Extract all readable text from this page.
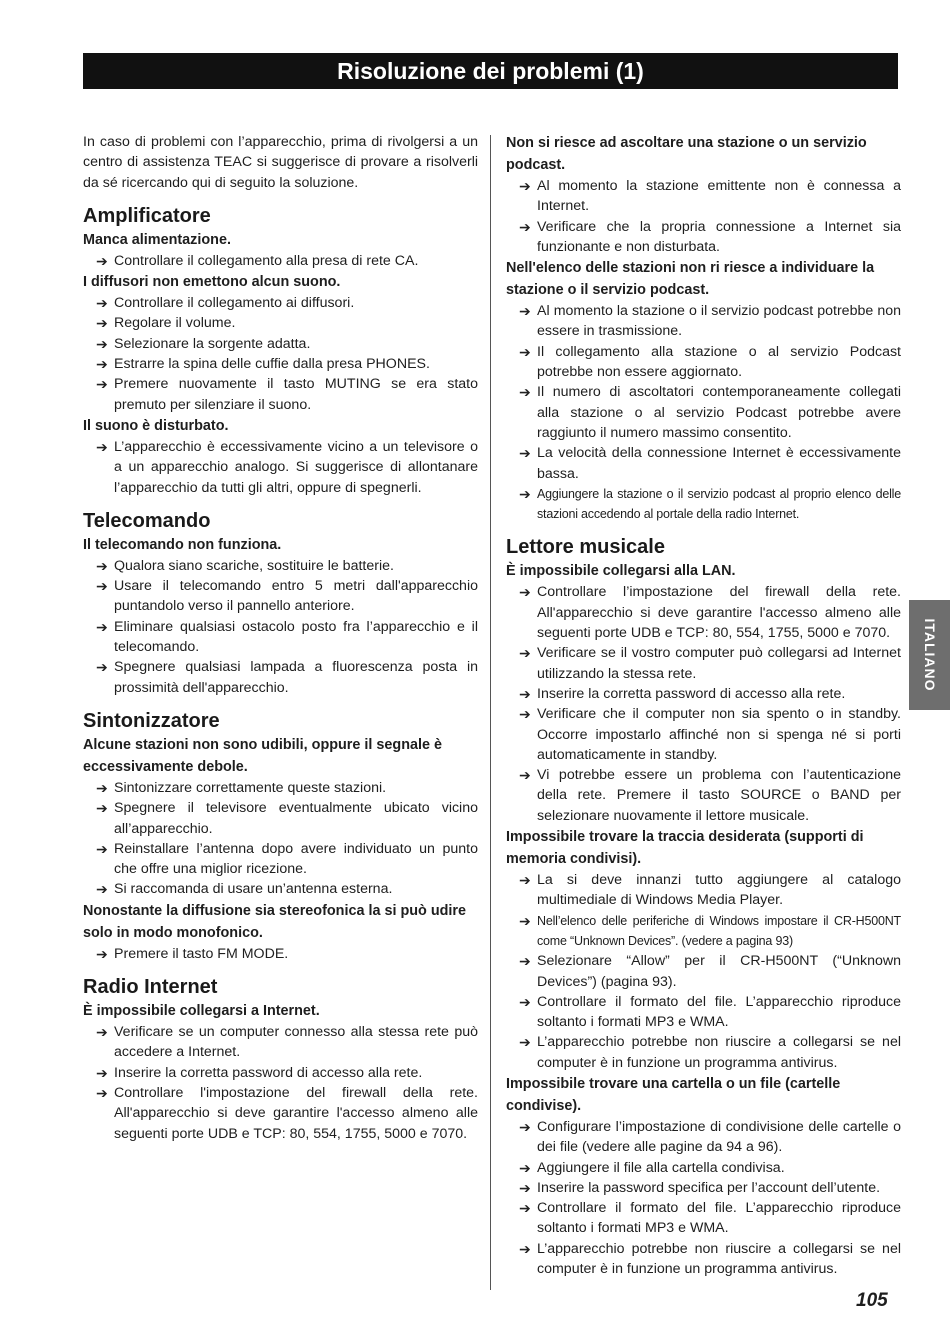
Risoluzione dei problemi (1)

In caso di problemi con l’apparecchio, prima di rivolgersi a un centro di assistenza TEAC si suggerisce di provare a risolverli da sé ricercando qui di seguito la soluzione.

Amplificatore

Manca alimentazione.

➔ Controllare il collegamento alla presa di rete CA.

I diffusori non emettono alcun suono.

➔ Controllare il collegamento ai diffusori.
➔ Regolare il volume.
➔ Selezionare la sorgente adatta.
➔ Estrarre la spina delle cuffie dalla presa PHONES.
➔ Premere nuovamente il tasto MUTING se era stato premuto per silenziare il suono.

Il suono è disturbato.

➔ L’apparecchio è eccessivamente vicino a un televisore o a un apparecchio analogo. Si suggerisce di allontanare l’apparecchio da tutti gli altri, oppure di spegnerli.
Telecomando

Il telecomando non funziona.

➔ Qualora siano scariche, sostituire le batterie.
➔ Usare il telecomando entro 5 metri dall'apparecchio puntandolo verso il pannello anteriore.
➔ Eliminare qualsiasi ostacolo posto fra l’apparecchio e il telecomando.
➔ Spegnere qualsiasi lampada a fluorescenza posta in prossimità dell'apparecchio.
Sintonizzatore

Alcune stazioni non sono udibili, oppure il segnale è eccessivamente debole.

➔ Sintonizzare correttamente queste stazioni.
➔ Spegnere il televisore eventualmente ubicato vicino all’apparecchio.
➔ Reinstallare l’antenna dopo avere individuato un punto che offre una miglior ricezione.
➔ Si raccomanda di usare un’antenna esterna.

Nonostante la diffusione sia stereofonica la si può udire solo in modo monofonico.

➔ Premere il tasto FM MODE.
Radio Internet

È impossibile collegarsi a Internet.

➔ Verificare se un computer connesso alla stessa rete può accedere a Internet.
➔ Inserire la corretta password di accesso alla rete.
➔ Controllare l'impostazione del firewall della rete. All'apparecchio si deve garantire l'accesso almeno alle seguenti porte UDB e TCP: 80, 554, 1755, 5000 e 7070.

Non si riesce ad ascoltare una stazione o un servizio podcast.

➔ Al momento la stazione emittente non è connessa a Internet.
➔ Verificare che la propria connessione a Internet sia funzionante e non disturbata.

Nell'elenco delle stazioni non ri riesce a individuare la stazione o il servizio podcast.

➔ Al momento la stazione o il servizio podcast potrebbe non essere in trasmissione.
➔ Il collegamento alla stazione o al servizio Podcast potrebbe non essere aggiornato.
➔ Il numero di ascoltatori contemporaneamente collegati alla stazione o al servizio Podcast potrebbe avere raggiunto il numero massimo consentito.
➔ La velocità della connessione Internet è eccessivamente bassa.
➔ Aggiungere la stazione o il servizio podcast al proprio elenco delle stazioni accedendo al portale della radio Internet.
Lettore musicale

È impossibile collegarsi alla LAN.

➔ Controllare l’impostazione del firewall della rete. All'apparecchio si deve garantire l'accesso almeno alle seguenti porte UDB e TCP: 80, 554, 1755, 5000 e 7070.
➔ Verificare se il vostro computer può collegarsi ad Internet utilizzando la stessa rete.
➔ Inserire la corretta password di accesso alla rete.
➔ Verificare che il computer non sia spento o in standby. Occorre impostarlo affinché non si spenga né si porti automaticamente in standby.
➔ Vi potrebbe essere un problema con l’autenticazione della rete. Premere il tasto SOURCE o BAND per selezionare nuovamente il lettore musicale.

Impossibile trovare la traccia desiderata (supporti di memoria condivisi).

➔ La si deve innanzi tutto aggiungere al catalogo multimediale di Windows Media Player.
➔ Nell’elenco delle periferiche di Windows impostare il CR-H500NT come “Unknown Devices”. (vedere a pagina 93)
➔ Selezionare “Allow” per il CR-H500NT (“Unknown Devices”) (pagina 93).
➔ Controllare il formato del file. L’apparecchio riproduce soltanto i formati MP3 e WMA.
➔ L’apparecchio potrebbe non riuscire a collegarsi se nel computer è in funzione un programma antivirus.

Impossibile trovare una cartella o un file (cartelle condivise).

➔ Configurare l’impostazione di condivisione delle cartelle o dei file (vedere alle pagine da 94 a 96).
➔ Aggiungere il file alla cartella condivisa.
➔ Inserire la password specifica per l’account dell’utente.
➔ Controllare il formato del file. L’apparecchio riproduce soltanto i formati MP3 e WMA.
➔ L’apparecchio potrebbe non riuscire a collegarsi se nel computer è in funzione un programma antivirus.
ITALIANO
105
